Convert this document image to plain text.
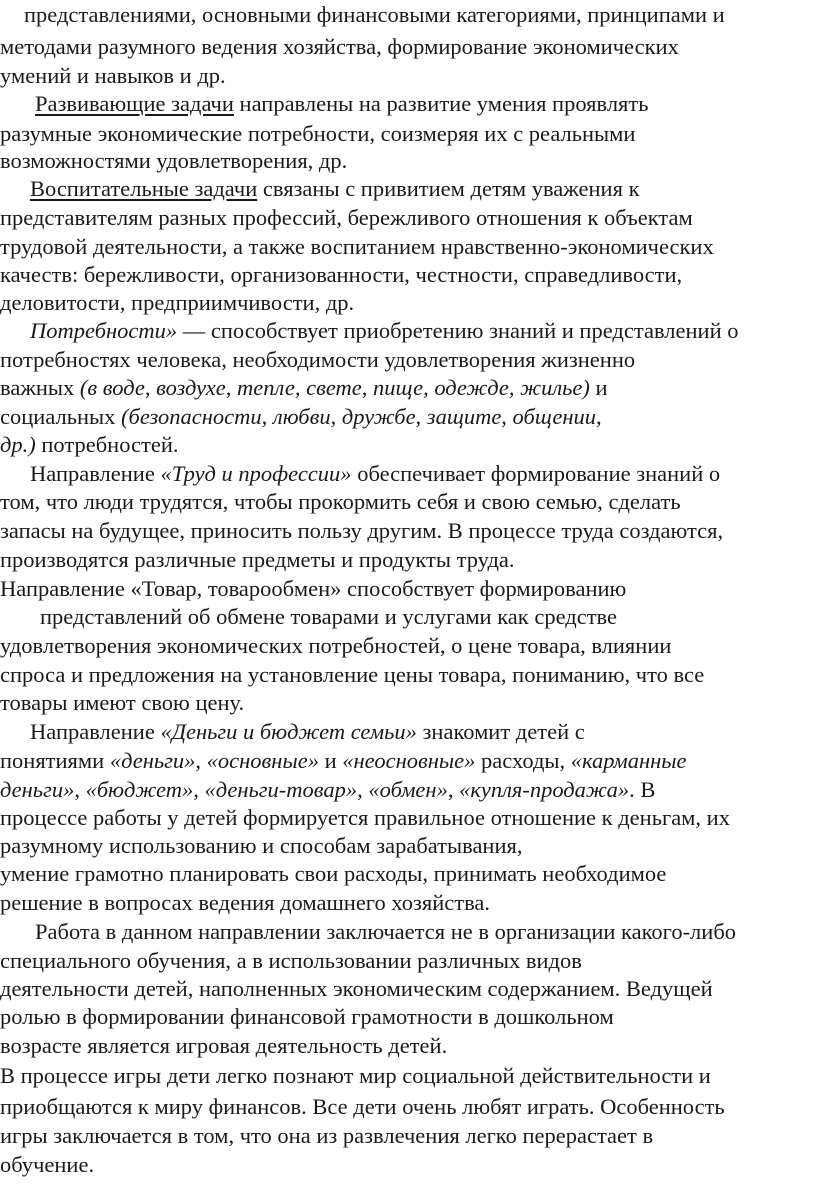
представлениями, основными финансовыми категориями, принципами и
методами разумного ведения хозяйства, формирование экономических
умений и навыков и др.
Развивающие задачи направлены на развитие умения проявлять
разумные экономические потребности, соизмеряя их с реальными
возможностями удовлетворения, др.
Воспитательные задачи связаны с привитием детям уважения к
представителям разных профессий, бережливого отношения к объектам
трудовой деятельности, а также воспитанием нравственно-экономических
качеств: бережливости, организованности, честности, справедливости,
деловитости, предприимчивости, др.
Потребности» — способствует приобретению знаний и представлений о
потребностях человека, необходимости удовлетворения жизненно
важных (в воде, воздухе, тепле, свете, пище, одежде, жилье) и
социальных (безопасности, любви, дружбе, защите, общении,
др.) потребностей.
Направление «Труд и профессии» обеспечивает формирование знаний о
том, что люди трудятся, чтобы прокормить себя и свою семью, сделать
запасы на будущее, приносить пользу другим. В процессе труда создаются,
производятся различные предметы и продукты труда.
Направление «Товар, товарообмен» способствует формированию
представлений об обмене товарами и услугами как средстве
удовлетворения экономических потребностей, о цене товара, влиянии
спроса и предложения на установление цены товара, пониманию, что все
товары имеют свою цену.
Направление «Деньги и бюджет семьи» знакомит детей с
понятиями «деньги», «основные» и «неосновные» расходы, «карманные
деньги», «бюджет», «деньги-товар», «обмен», «купля-продажа». В
процессе работы у детей формируется правильное отношение к деньгам, их
разумному использованию и способам зарабатывания,
умение грамотно планировать свои расходы, принимать необходимое
решение в вопросах ведения домашнего хозяйства.
Работа в данном направлении заключается не в организации какого-либо
специального обучения, а в использовании различных видов
деятельности детей, наполненных экономическим содержанием. Ведущей
ролью в формировании финансовой грамотности в дошкольном
возрасте является игровая деятельность детей.
В процессе игры дети легко познают мир социальной действительности и
приобщаются к миру финансов. Все дети очень любят играть. Особенность
игры заключается в том, что она из развлечения легко перерастает в
обучение.
